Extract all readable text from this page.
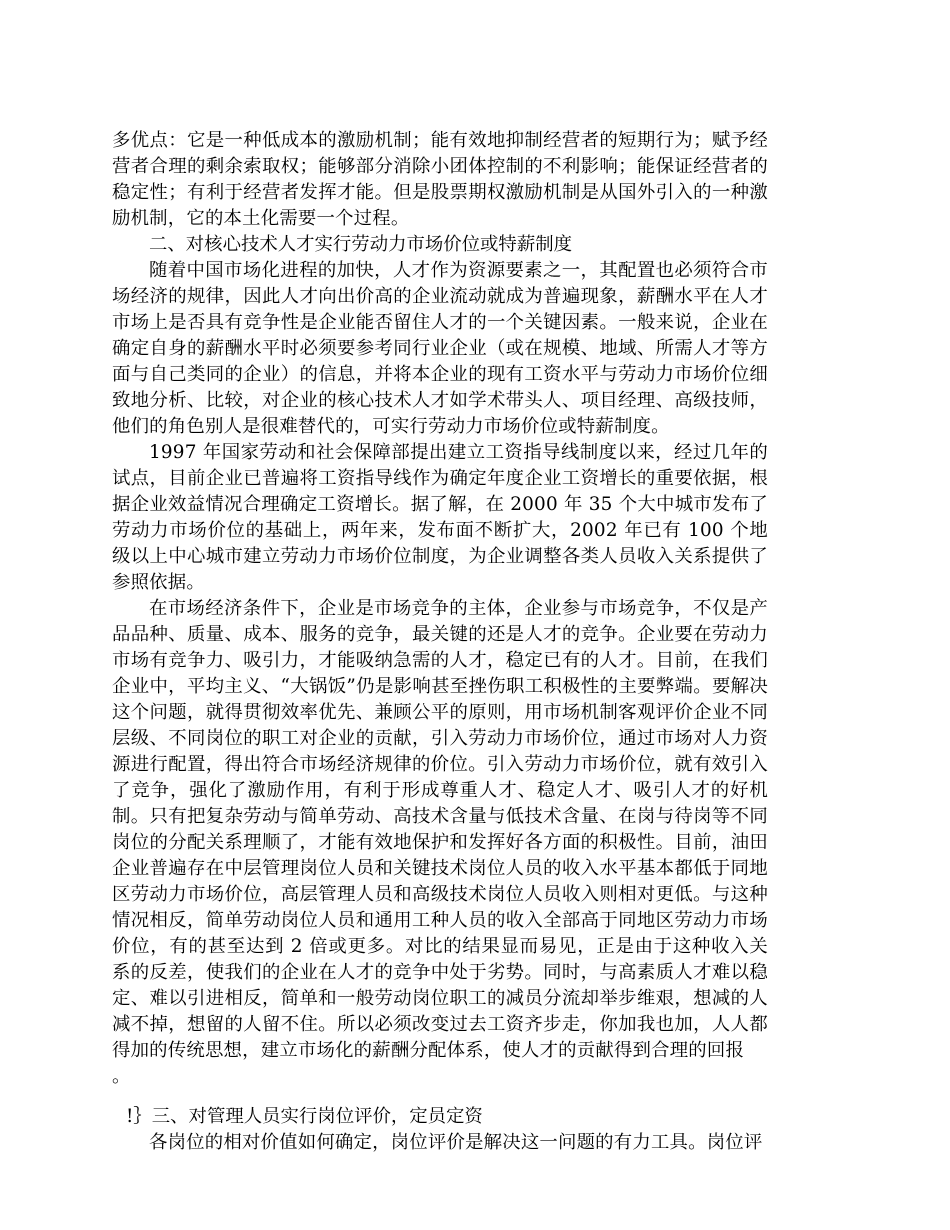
多优点：它是一种低成本的激励机制；能有效地抑制经营者的短期行为；赋予经营者合理的剩余索取权；能够部分消除小团体控制的不利影响；能保证经营者的稳定性；有利于经营者发挥才能。但是股票期权激励机制是从国外引入的一种激励机制，它的本土化需要一个过程。

二、对核心技术人才实行劳动力市场价位或特薪制度

随着中国市场化进程的加快，人才作为资源要素之一，其配置也必须符合市场经济的规律，因此人才向出价高的企业流动就成为普遍现象，薪酬水平在人才市场上是否具有竞争性是企业能否留住人才的一个关键因素。一般来说，企业在确定自身的薪酬水平时必须要参考同行业企业（或在规模、地域、所需人才等方面与自己类同的企业）的信息，并将本企业的现有工资水平与劳动力市场价位细致地分析、比较，对企业的核心技术人才如学术带头人、项目经理、高级技师，他们的角色别人是很难替代的，可实行劳动力市场价位或特薪制度。

1997 年国家劳动和社会保障部提出建立工资指导线制度以来，经过几年的试点，目前企业已普遍将工资指导线作为确定年度企业工资增长的重要依据，根据企业效益情况合理确定工资增长。据了解，在 2000 年 35 个大中城市发布了劳动力市场价位的基础上，两年来，发布面不断扩大，2002 年已有 100 个地级以上中心城市建立劳动力市场价位制度，为企业调整各类人员收入关系提供了参照依据。

在市场经济条件下，企业是市场竞争的主体，企业参与市场竞争，不仅是产品品种、质量、成本、服务的竞争，最关键的还是人才的竞争。企业要在劳动力市场有竞争力、吸引力，才能吸纳急需的人才，稳定已有的人才。目前，在我们企业中，平均主义、“大锅饭”仍是影响甚至挫伤职工积极性的主要弊端。要解决这个问题，就得贯彻效率优先、兼顾公平的原则，用市场机制客观评价企业不同层级、不同岗位的职工对企业的贡献，引入劳动力市场价位，通过市场对人力资源进行配置，得出符合市场经济规律的价位。引入劳动力市场价位，就有效引入了竞争，强化了激励作用，有利于形成尊重人才、稳定人才、吸引人才的好机制。只有把复杂劳动与简单劳动、高技术含量与低技术含量、在岗与待岗等不同岗位的分配关系理顺了，才能有效地保护和发挥好各方面的积极性。目前，油田企业普遍存在中层管理岗位人员和关键技术岗位人员的收入水平基本都低于同地区劳动力市场价位，高层管理人员和高级技术岗位人员收入则相对更低。与这种情况相反，简单劳动岗位人员和通用工种人员的收入全部高于同地区劳动力市场价位，有的甚至达到 2 倍或更多。对比的结果显而易见，正是由于这种收入关系的反差，使我们的企业在人才的竞争中处于劣势。同时，与高素质人才难以稳定、难以引进相反，简单和一般劳动岗位职工的减员分流却举步维艰，想减的人减不掉，想留的人留不住。所以必须改变过去工资齐步走，你加我也加，人人都得加的传统思想，建立市场化的薪酬分配体系，使人才的贡献得到合理的回报

。

!｝三、对管理人员实行岗位评价，定员定资

各岗位的相对价值如何确定，岗位评价是解决这一问题的有力工具。岗位评
